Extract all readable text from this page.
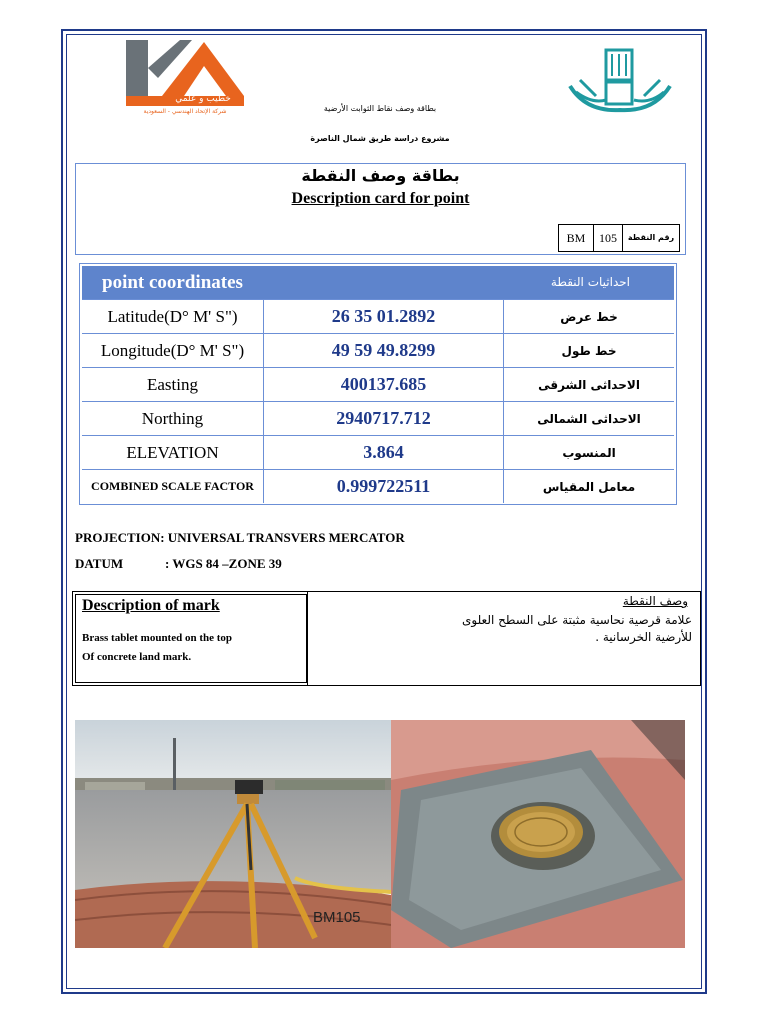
خطيب و علمي
شركة الإتحاد الهندسي - السعودية	بطاقة وصف نقاط الثوابت الأرضية
مشروع دراسة طريق شمال الناصرة
بطاقة وصف النقطة
Description card for point
BM	105	رقم النقطة
point coordinates	احداثيات النقطة
Latitude(D° M' S")	26 35 01.2892	خط عرض
Longitude(D° M' S")	49 59 49.8299	خط طول
Easting	400137.685	الاحداثى الشرقى
Northing	2940717.712	الاحداثى الشمالى
ELEVATION	3.864	المنسوب
COMBINED SCALE FACTOR	0.999722511	معامل المقياس
PROJECTION: UNIVERSAL TRANSVERS MERCATOR
DATUM	: WGS 84 –ZONE 39
Description of mark
Brass tablet mounted on the top
Of concrete land mark.
وصف النقطة
علامة قرصية نحاسية مثبتة على السطح العلوى للأرضية الخرسانية .
BM105
